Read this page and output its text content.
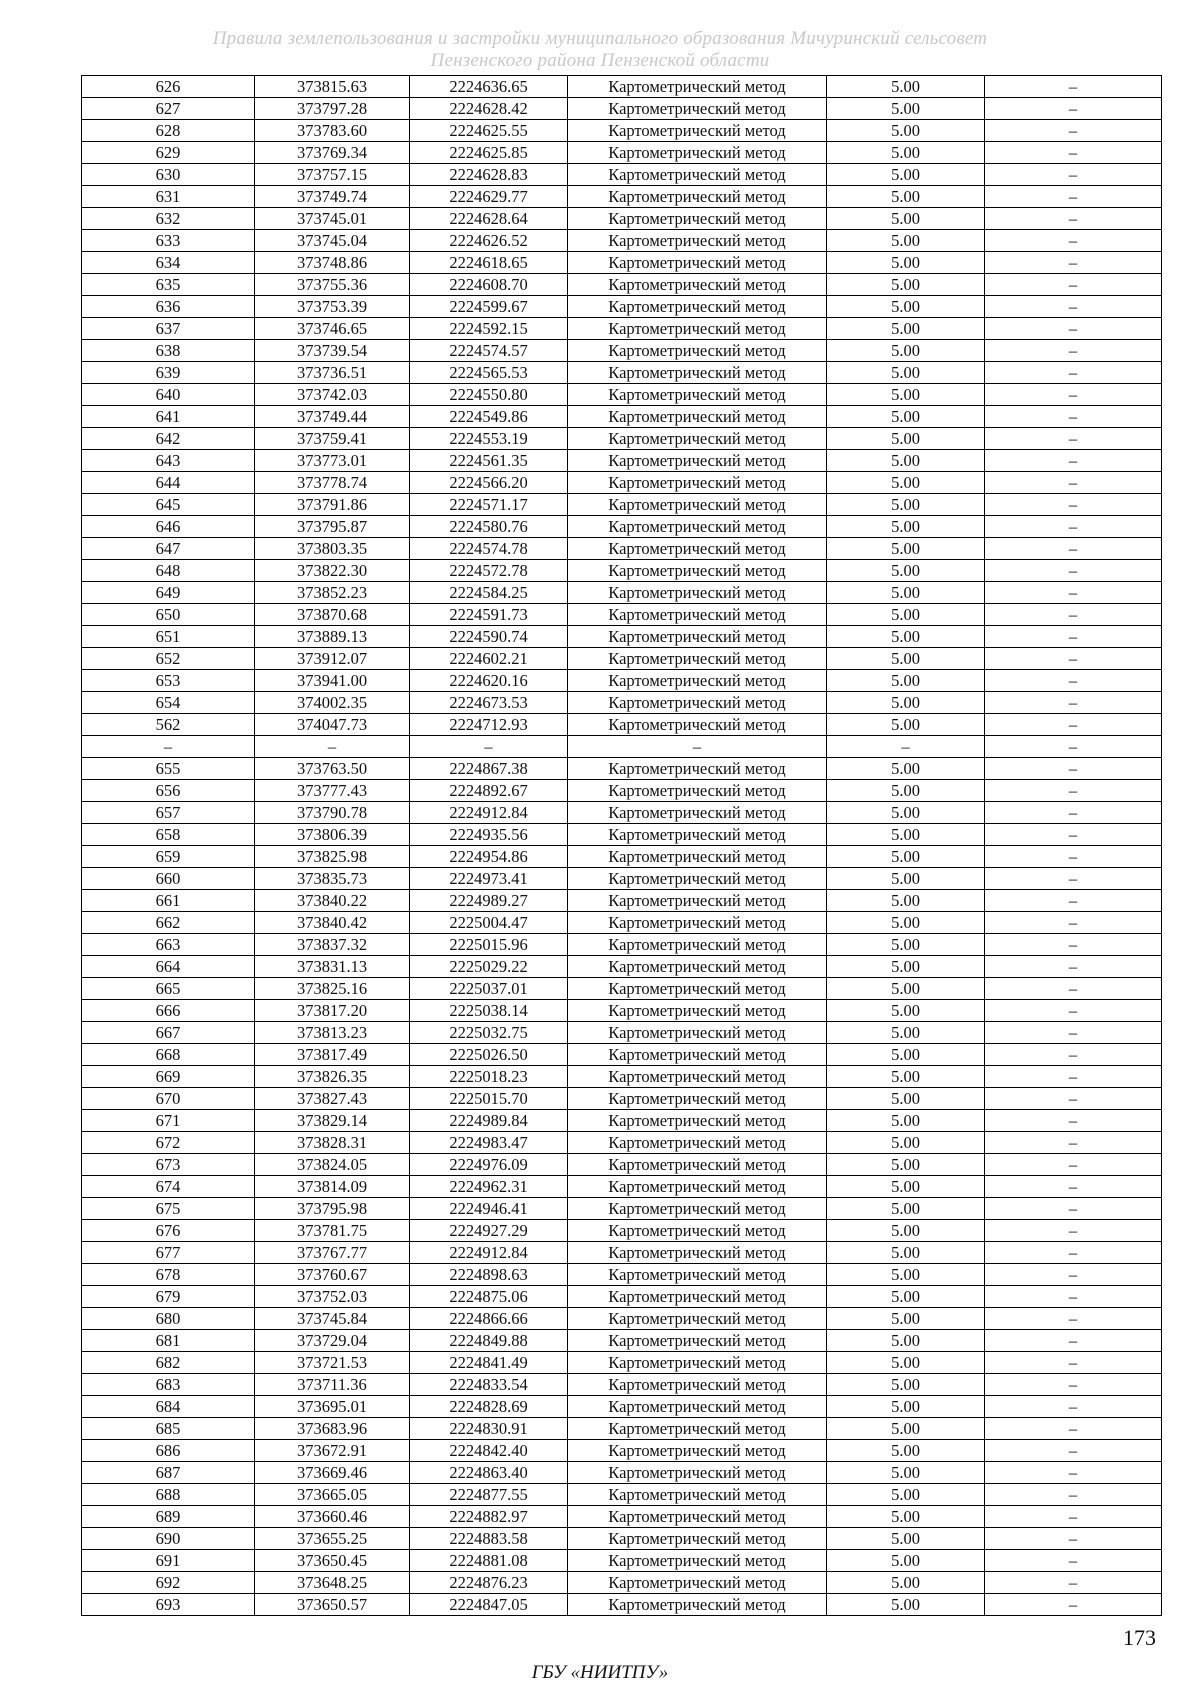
Правила землепользования и застройки муниципального образования Мичуринский сельсовет
Пензенского района Пензенской области
626	373815.63	2224636.65	Картометрический метод	5.00	–
627	373797.28	2224628.42	Картометрический метод	5.00	–
628	373783.60	2224625.55	Картометрический метод	5.00	–
629	373769.34	2224625.85	Картометрический метод	5.00	–
630	373757.15	2224628.83	Картометрический метод	5.00	–
631	373749.74	2224629.77	Картометрический метод	5.00	–
632	373745.01	2224628.64	Картометрический метод	5.00	–
633	373745.04	2224626.52	Картометрический метод	5.00	–
634	373748.86	2224618.65	Картометрический метод	5.00	–
635	373755.36	2224608.70	Картометрический метод	5.00	–
636	373753.39	2224599.67	Картометрический метод	5.00	–
637	373746.65	2224592.15	Картометрический метод	5.00	–
638	373739.54	2224574.57	Картометрический метод	5.00	–
639	373736.51	2224565.53	Картометрический метод	5.00	–
640	373742.03	2224550.80	Картометрический метод	5.00	–
641	373749.44	2224549.86	Картометрический метод	5.00	–
642	373759.41	2224553.19	Картометрический метод	5.00	–
643	373773.01	2224561.35	Картометрический метод	5.00	–
644	373778.74	2224566.20	Картометрический метод	5.00	–
645	373791.86	2224571.17	Картометрический метод	5.00	–
646	373795.87	2224580.76	Картометрический метод	5.00	–
647	373803.35	2224574.78	Картометрический метод	5.00	–
648	373822.30	2224572.78	Картометрический метод	5.00	–
649	373852.23	2224584.25	Картометрический метод	5.00	–
650	373870.68	2224591.73	Картометрический метод	5.00	–
651	373889.13	2224590.74	Картометрический метод	5.00	–
652	373912.07	2224602.21	Картометрический метод	5.00	–
653	373941.00	2224620.16	Картометрический метод	5.00	–
654	374002.35	2224673.53	Картометрический метод	5.00	–
562	374047.73	2224712.93	Картометрический метод	5.00	–
–	–	–	–	–	–
655	373763.50	2224867.38	Картометрический метод	5.00	–
656	373777.43	2224892.67	Картометрический метод	5.00	–
657	373790.78	2224912.84	Картометрический метод	5.00	–
658	373806.39	2224935.56	Картометрический метод	5.00	–
659	373825.98	2224954.86	Картометрический метод	5.00	–
660	373835.73	2224973.41	Картометрический метод	5.00	–
661	373840.22	2224989.27	Картометрический метод	5.00	–
662	373840.42	2225004.47	Картометрический метод	5.00	–
663	373837.32	2225015.96	Картометрический метод	5.00	–
664	373831.13	2225029.22	Картометрический метод	5.00	–
665	373825.16	2225037.01	Картометрический метод	5.00	–
666	373817.20	2225038.14	Картометрический метод	5.00	–
667	373813.23	2225032.75	Картометрический метод	5.00	–
668	373817.49	2225026.50	Картометрический метод	5.00	–
669	373826.35	2225018.23	Картометрический метод	5.00	–
670	373827.43	2225015.70	Картометрический метод	5.00	–
671	373829.14	2224989.84	Картометрический метод	5.00	–
672	373828.31	2224983.47	Картометрический метод	5.00	–
673	373824.05	2224976.09	Картометрический метод	5.00	–
674	373814.09	2224962.31	Картометрический метод	5.00	–
675	373795.98	2224946.41	Картометрический метод	5.00	–
676	373781.75	2224927.29	Картометрический метод	5.00	–
677	373767.77	2224912.84	Картометрический метод	5.00	–
678	373760.67	2224898.63	Картометрический метод	5.00	–
679	373752.03	2224875.06	Картометрический метод	5.00	–
680	373745.84	2224866.66	Картометрический метод	5.00	–
681	373729.04	2224849.88	Картометрический метод	5.00	–
682	373721.53	2224841.49	Картометрический метод	5.00	–
683	373711.36	2224833.54	Картометрический метод	5.00	–
684	373695.01	2224828.69	Картометрический метод	5.00	–
685	373683.96	2224830.91	Картометрический метод	5.00	–
686	373672.91	2224842.40	Картометрический метод	5.00	–
687	373669.46	2224863.40	Картометрический метод	5.00	–
688	373665.05	2224877.55	Картометрический метод	5.00	–
689	373660.46	2224882.97	Картометрический метод	5.00	–
690	373655.25	2224883.58	Картометрический метод	5.00	–
691	373650.45	2224881.08	Картометрический метод	5.00	–
692	373648.25	2224876.23	Картометрический метод	5.00	–
693	373650.57	2224847.05	Картометрический метод	5.00	–
173
ГБУ «НИИТПУ»
